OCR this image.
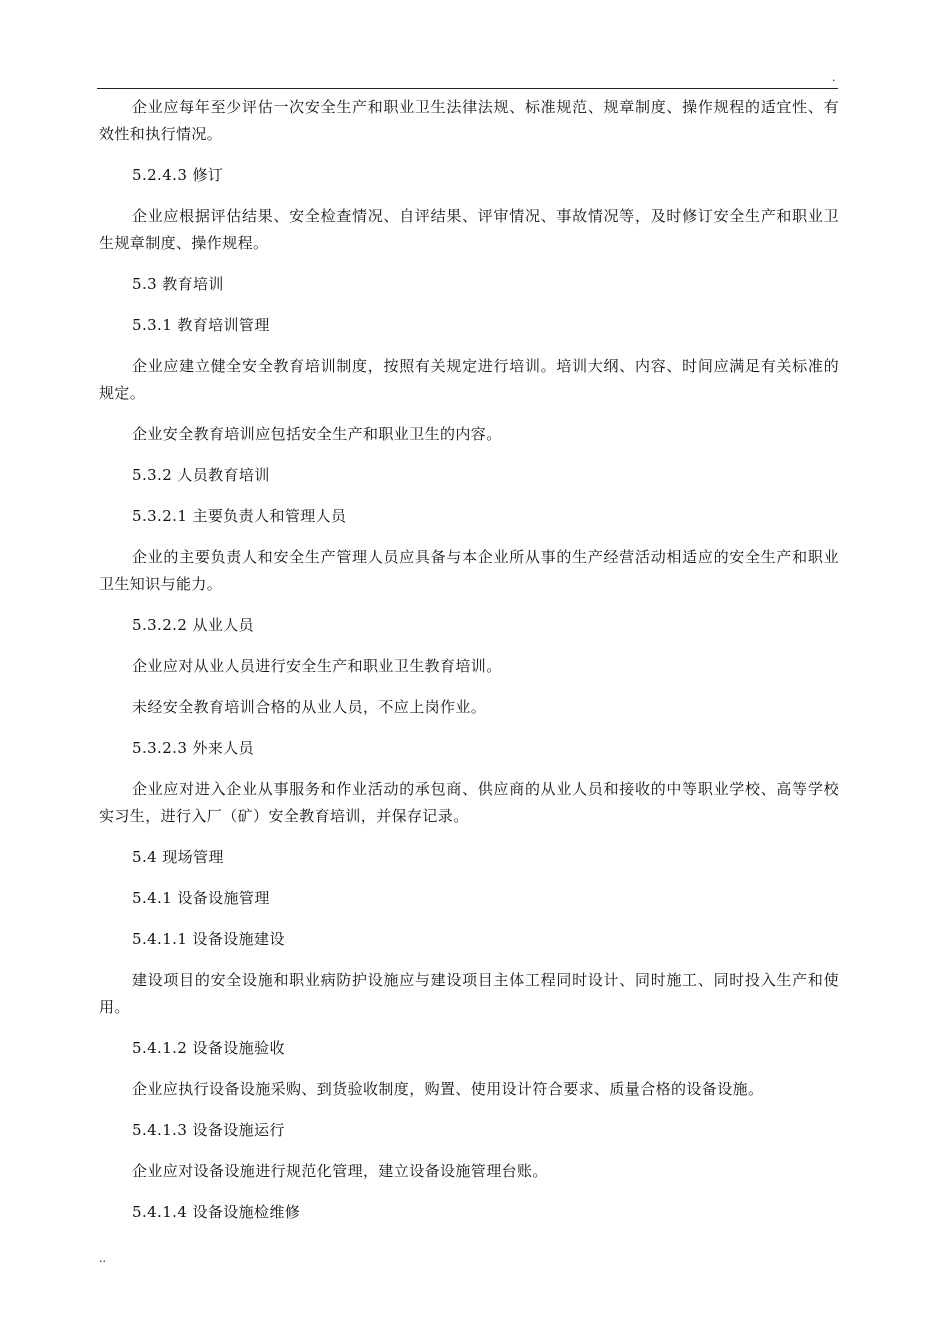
.

企业应每年至少评估一次安全生产和职业卫生法律法规、标准规范、规章制度、操作规程的适宜性、有效性和执行情况。

5.2.4.3 修订

企业应根据评估结果、安全检查情况、自评结果、评审情况、事故情况等，及时修订安全生产和职业卫生规章制度、操作规程。

5.3 教育培训

5.3.1 教育培训管理

企业应建立健全安全教育培训制度，按照有关规定进行培训。培训大纲、内容、时间应满足有关标准的规定。

企业安全教育培训应包括安全生产和职业卫生的内容。

5.3.2 人员教育培训

5.3.2.1 主要负责人和管理人员

企业的主要负责人和安全生产管理人员应具备与本企业所从事的生产经营活动相适应的安全生产和职业卫生知识与能力。

5.3.2.2 从业人员

企业应对从业人员进行安全生产和职业卫生教育培训。

未经安全教育培训合格的从业人员，不应上岗作业。

5.3.2.3 外来人员

企业应对进入企业从事服务和作业活动的承包商、供应商的从业人员和接收的中等职业学校、高等学校实习生，进行入厂（矿）安全教育培训，并保存记录。

5.4 现场管理

5.4.1 设备设施管理

5.4.1.1 设备设施建设

建设项目的安全设施和职业病防护设施应与建设项目主体工程同时设计、同时施工、同时投入生产和使用。

5.4.1.2 设备设施验收

企业应执行设备设施采购、到货验收制度，购置、使用设计符合要求、质量合格的设备设施。

5.4.1.3 设备设施运行

企业应对设备设施进行规范化管理，建立设备设施管理台账。

5.4.1.4 设备设施检维修

..
